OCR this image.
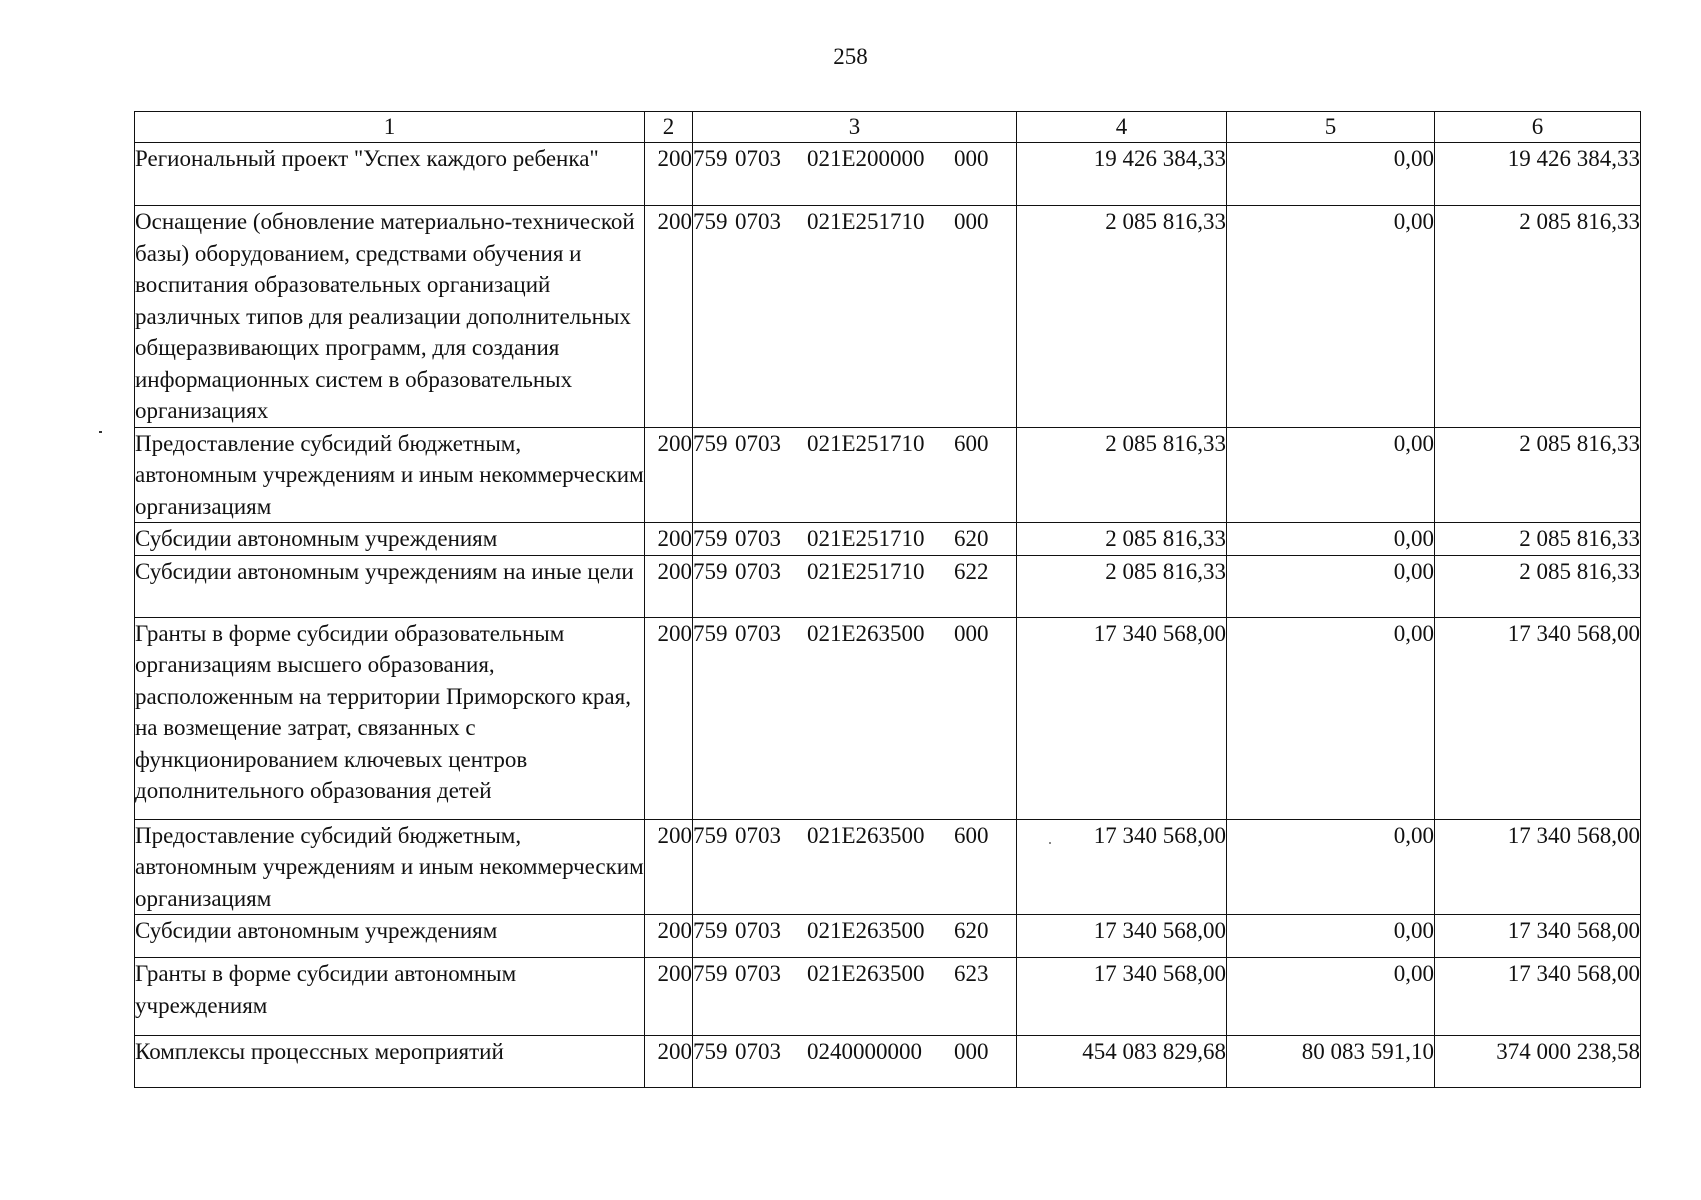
258
1	2	3	4	5	6
Региональный проект "Успех каждого ребенка"	200	759 0703 021E200000 000	19 426 384,33	0,00	19 426 384,33
Оснащение (обновление материально-технической базы) оборудованием, средствами обучения и воспитания образовательных организаций различных типов для реализации дополнительных общеразвивающих программ, для создания информационных систем в образовательных организациях	200	759 0703 021E251710 000	2 085 816,33	0,00	2 085 816,33
Предоставление субсидий бюджетным, автономным учреждениям и иным некоммерческим организациям	200	759 0703 021E251710 600	2 085 816,33	0,00	2 085 816,33
Субсидии автономным учреждениям	200	759 0703 021E251710 620	2 085 816,33	0,00	2 085 816,33
Субсидии автономным учреждениям на иные цели	200	759 0703 021E251710 622	2 085 816,33	0,00	2 085 816,33
Гранты в форме субсидии образовательным организациям высшего образования, расположенным на территории Приморского края, на возмещение затрат, связанных с функционированием ключевых центров дополнительного образования детей	200	759 0703 021E263500 000	17 340 568,00	0,00	17 340 568,00
Предоставление субсидий бюджетным, автономным учреждениям и иным некоммерческим организациям	200	759 0703 021E263500 600	17 340 568,00	0,00	17 340 568,00
Субсидии автономным учреждениям	200	759 0703 021E263500 620	17 340 568,00	0,00	17 340 568,00
Гранты в форме субсидии автономным учреждениям	200	759 0703 021E263500 623	17 340 568,00	0,00	17 340 568,00
Комплексы процессных мероприятий	200	759 0703 0240000000 000	454 083 829,68	80 083 591,10	374 000 238,58
